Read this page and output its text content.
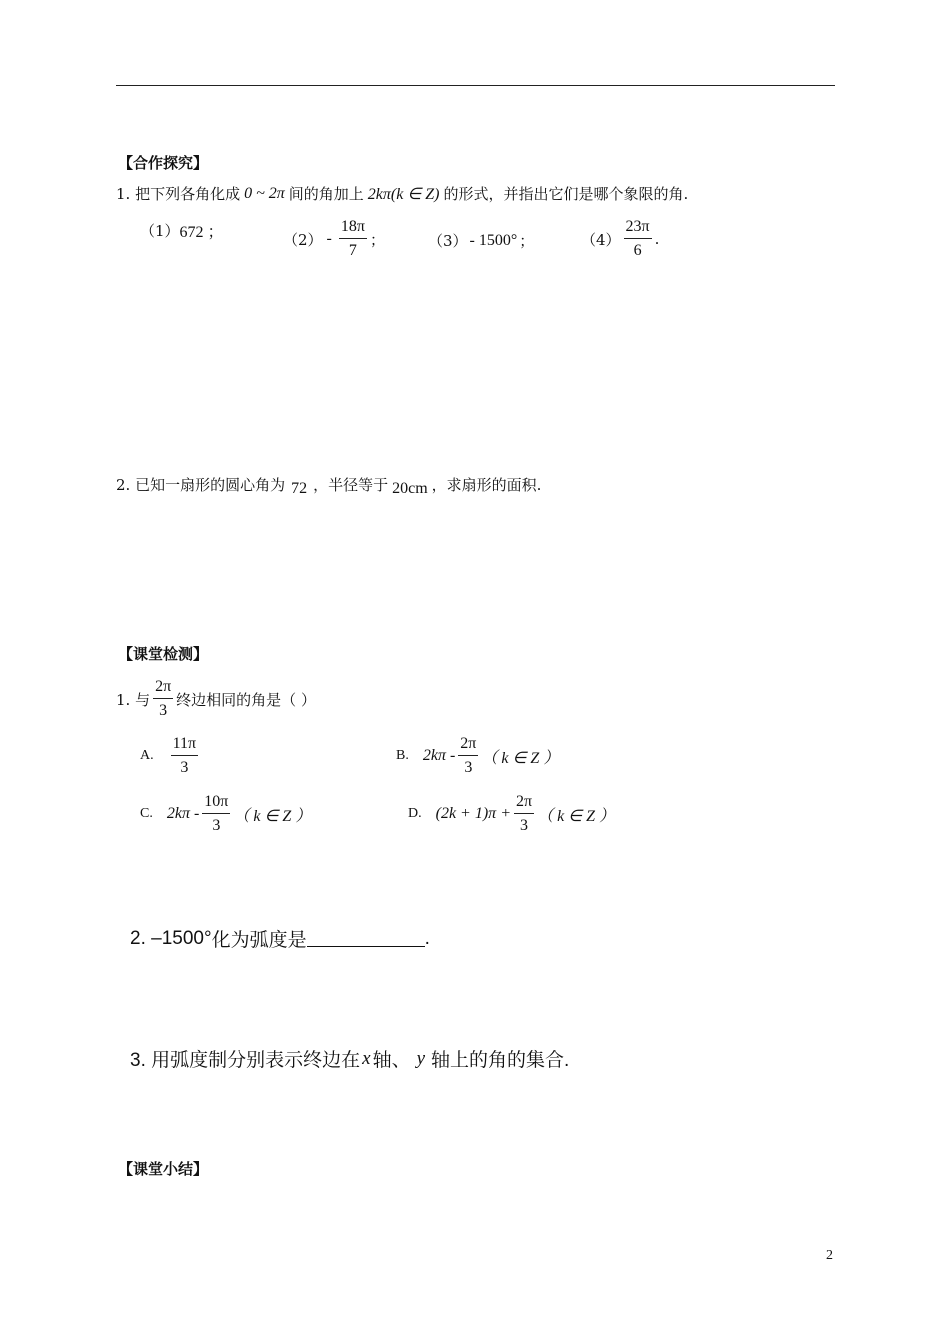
【合作探究】
1. 把下列各角化成 0 ~ 2π 间的角加上 2kπ(k ∈ Z) 的形式，并指出它们是哪个象限的角.
（1） 672 ；	$(2) - \frac{18\pi}{7}$ ；	（3） - 1500° ；	$(4) \frac{23\pi}{6}$ .
2. 已知一扇形的圆心角为 72 ，半径等于 20cm ，求扇形的面积.
【课堂检测】
1. 与 $\frac{2\pi}{3}$ 终边相同的角是（ ）
A. $\frac{11\pi}{3}$	B. $2k\pi - \frac{2\pi}{3}$ （ k ∈ Z ）
C. $2k\pi - \frac{10\pi}{3}$ （ k ∈ Z ）	D. $(2k + 1)\pi + \frac{2\pi}{3}$ （ k ∈ Z ）
2. –1500° 化为弧度是	.
3. 用弧度制分别表示终边在 x 轴、 y 轴上的角的集合.
【课堂小结】
2
